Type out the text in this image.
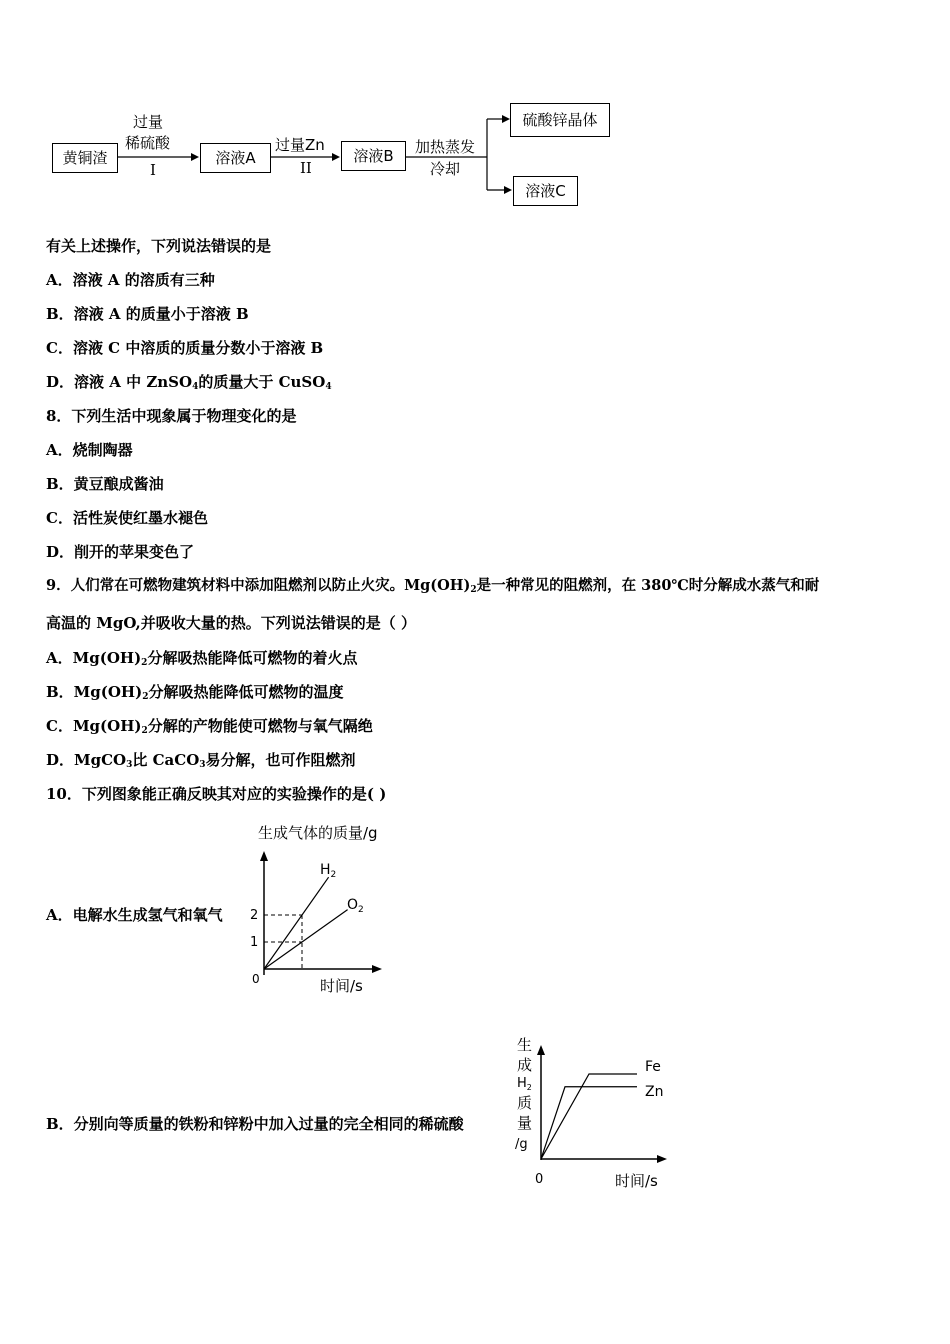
黄铜渣	溶液A	溶液B
硫酸锌晶体
溶液C
过量
稀硫酸
I
过量Zn
II
加热蒸发
冷却
有关上述操作，下列说法错误的是
A．溶液 A 的溶质有三种
B．溶液 A 的质量小于溶液 B
C．溶液 C 中溶质的质量分数小于溶液 B
D．溶液 A 中 ZnSO$_4$的质量大于 CuSO$_4$
8．下列生活中现象属于物理变化的是
A．烧制陶器
B．黄豆酿成酱油
C．活性炭使红墨水褪色
D．削开的苹果变色了
9．人们常在可燃物建筑材料中添加阻燃剂以防止火灾。$Mg(OH)_2$是一种常见的阻燃剂，在 380℃时分解成水蒸气和耐
高温的 MgO,并吸收大量的热。下列说法错误的是（ ）
A．$Mg(OH)_2$分解吸热能降低可燃物的着火点
B．$Mg(OH)_2$分解吸热能降低可燃物的温度
C．$Mg(OH)_2$分解的产物能使可燃物与氧气隔绝
D．MgCO$_3$比 CaCO$_3$易分解，也可作阻燃剂
10．下列图象能正确反映其对应的实验操作的是( )
A．电解水生成氢气和氧气
B．分别向等质量的铁粉和锌粉中加入过量的完全相同的稀硫酸
生成气体的质量/g
0	时间/s
2
1
$H_2$
$O_2$
生
成
$H_2$
质
量
/g
0	时间/s
Fe
Zn
